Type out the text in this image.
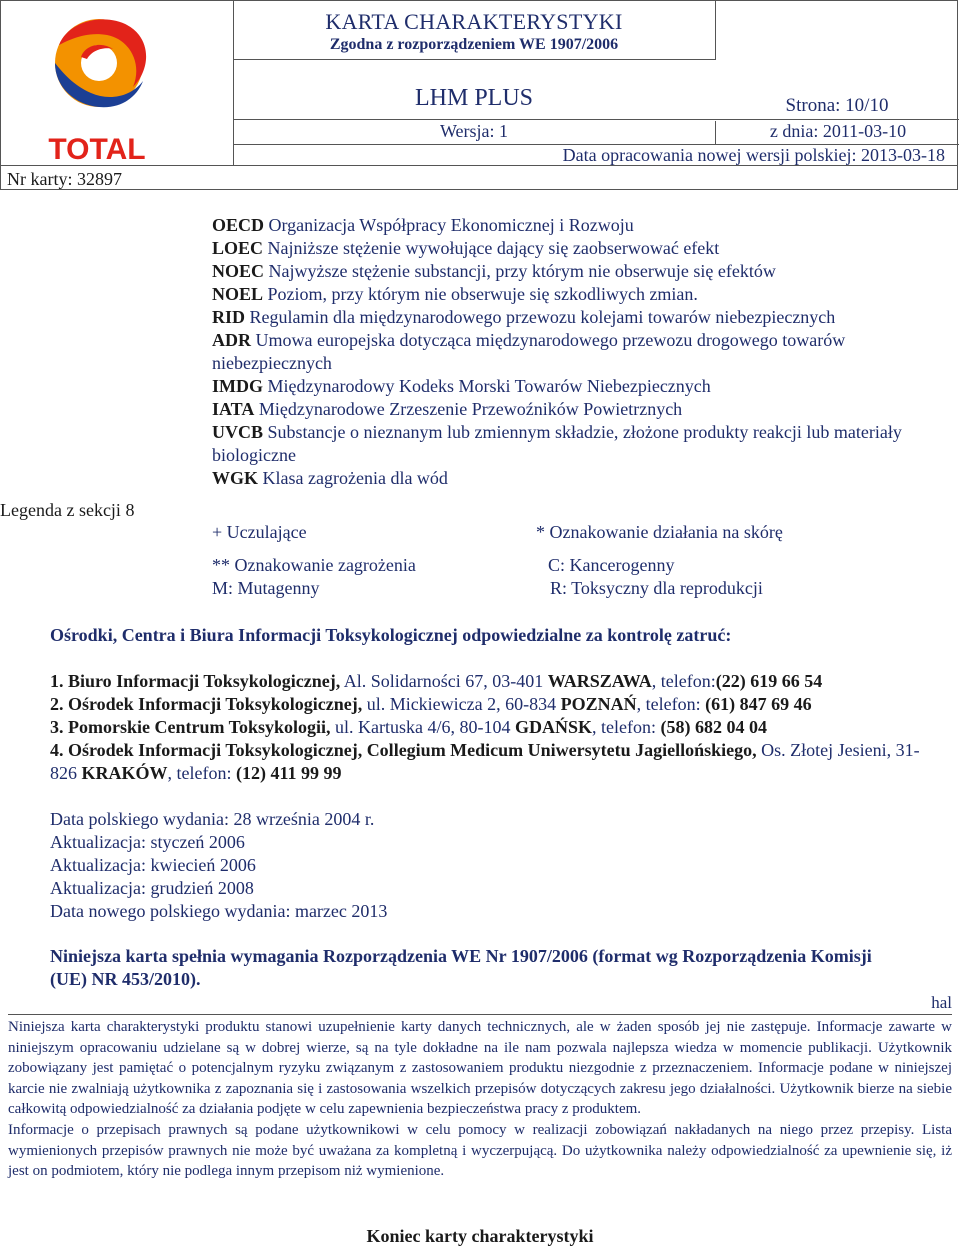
TOTAL
KARTA CHARAKTERYSTYKI
Zgodna z rozporządzeniem WE 1907/2006
LHM PLUS	Strona: 10/10
Wersja: 1	z dnia: 2011-03-10
Data opracowania nowej wersji polskiej: 2013-03-18
Nr karty: 32897
Legenda z sekcji 8
OECD Organizacja Współpracy Ekonomicznej i Rozwoju
LOEC Najniższe stężenie wywołujące dający się zaobserwować efekt
NOEC Najwyższe stężenie substancji, przy którym nie obserwuje się efektów
NOEL Poziom, przy którym nie obserwuje się szkodliwych zmian.
RID Regulamin dla międzynarodowego przewozu kolejami towarów niebezpiecznych
ADR Umowa europejska dotycząca międzynarodowego przewozu drogowego towarów niebezpiecznych
IMDG Międzynarodowy Kodeks Morski Towarów Niebezpiecznych
IATA Międzynarodowe Zrzeszenie Przewoźników Powietrznych
UVCB Substancje o nieznanym lub zmiennym składzie, złożone produkty reakcji lub materiały biologiczne
WGK Klasa zagrożenia dla wód
+ Uczulające	* Oznakowanie działania na skórę
** Oznakowanie zagrożenia	C: Kancerogenny
M: Mutagenny	R: Toksyczny dla reprodukcji
Ośrodki, Centra i Biura Informacji Toksykologicznej odpowiedzialne za kontrolę zatruć:
1. Biuro Informacji Toksykologicznej, Al. Solidarności 67, 03-401 WARSZAWA, telefon:(22) 619 66 54
2. Ośrodek Informacji Toksykologicznej, ul. Mickiewicza 2, 60-834 POZNAŃ, telefon: (61) 847 69 46
3. Pomorskie Centrum Toksykologii, ul. Kartuska 4/6, 80-104 GDAŃSK, telefon: (58) 682 04 04
4. Ośrodek Informacji Toksykologicznej, Collegium Medicum Uniwersytetu Jagiellońskiego, Os. Złotej Jesieni, 31-826 KRAKÓW, telefon: (12) 411 99 99
Data polskiego wydania: 28 września 2004 r.
Aktualizacja: styczeń 2006
Aktualizacja: kwiecień 2006
Aktualizacja: grudzień 2008
Data nowego polskiego wydania: marzec 2013
Niniejsza karta spełnia wymagania Rozporządzenia WE Nr 1907/2006 (format wg Rozporządzenia Komisji (UE) NR 453/2010).
hal

Niniejsza karta charakterystyki produktu stanowi uzupełnienie karty danych technicznych, ale w żaden sposób jej nie zastępuje. Informacje zawarte w niniejszym opracowaniu udzielane są w dobrej wierze, są na tyle dokładne na ile nam pozwala najlepsza wiedza w momencie publikacji. Użytkownik zobowiązany jest pamiętać o potencjalnym ryzyku związanym z zastosowaniem produktu niezgodnie z przeznaczeniem. Informacje podane w niniejszej karcie nie zwalniają użytkownika z zapoznania się i zastosowania wszelkich przepisów dotyczących zakresu jego działalności. Użytkownik bierze na siebie całkowitą odpowiedzialność za działania podjęte w celu zapewnienia bezpieczeństwa pracy z produktem.

Informacje o przepisach prawnych są podane użytkownikowi w celu pomocy w realizacji zobowiązań nakładanych na niego przez przepisy. Lista wymienionych przepisów prawnych nie może być uważana za kompletną i wyczerpującą. Do użytkownika należy odpowiedzialność za upewnienie się, iż jest on podmiotem, który nie podlega innym przepisom niż wymienione.

Koniec karty charakterystyki
